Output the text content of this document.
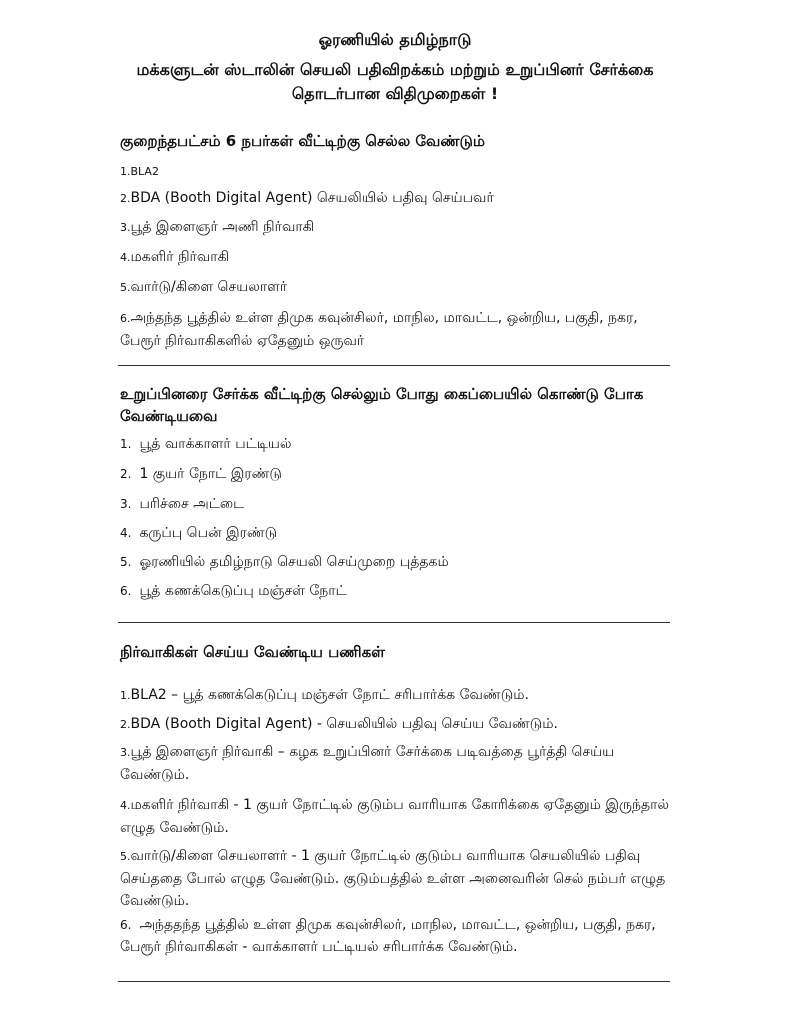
ஓரணியில் தமிழ்நாடு
மக்களுடன் ஸ்டாலின் செயலி பதிவிறக்கம் மற்றும் உறுப்பினர் சேர்க்கை தொடர்பான விதிமுறைகள் !
குறைந்தபட்சம் 6 நபர்கள் வீட்டிற்கு செல்ல வேண்டும்
1.BLA2
2.BDA (Booth Digital Agent) செயலியில் பதிவு செய்பவர்
3.பூத் இளைஞர் அணி நிர்வாகி
4.மகளிர் நிர்வாகி
5.வார்டு/கிளை செயலாளர்
6.அந்தந்த பூத்தில் உள்ள திமுக கவுன்சிலர், மாநில, மாவட்ட, ஒன்றிய, பகுதி, நகர, பேரூர் நிர்வாகிகளில் ஏதேனும் ஒருவர்
உறுப்பினரை சேர்க்க வீட்டிற்கு செல்லும் போது கைப்பையில் கொண்டு போக வேண்டியவை
1. பூத் வாக்காளர் பட்டியல்
2. 1 குயர் நோட் இரண்டு
3. பரிச்சை அட்டை
4. கருப்பு பென் இரண்டு
5. ஓரணியில் தமிழ்நாடு செயலி செய்முறை புத்தகம்
6. பூத் கணக்கெடுப்பு மஞ்சள் நோட்
நிர்வாகிகள் செய்ய வேண்டிய பணிகள்
1.BLA2 – பூத் கணக்கெடுப்பு மஞ்சள் நோட் சரிபார்க்க வேண்டும்.
2.BDA (Booth Digital Agent) - செயலியில் பதிவு செய்ய வேண்டும்.
3.பூத் இளைஞர் நிர்வாகி – கழக உறுப்பினர் சேர்க்கை படிவத்தை பூர்த்தி செய்ய வேண்டும்.
4.மகளிர் நிர்வாகி - 1 குயர் நோட்டில் குடும்ப வாரியாக கோரிக்கை ஏதேனும் இருந்தால் எழுத வேண்டும்.
5.வார்டு/கிளை செயலாளர் - 1 குயர் நோட்டில் குடும்ப வாரியாக செயலியில் பதிவு செய்ததை போல் எழுத வேண்டும். குடும்பத்தில் உள்ள அனைவரின் செல் நம்பர் எழுத வேண்டும்.
6. அந்ததந்த பூத்தில் உள்ள திமுக கவுன்சிலர், மாநில, மாவட்ட, ஒன்றிய, பகுதி, நகர, பேரூர் நிர்வாகிகள் - வாக்காளர் பட்டியல் சரிபார்க்க வேண்டும்.
